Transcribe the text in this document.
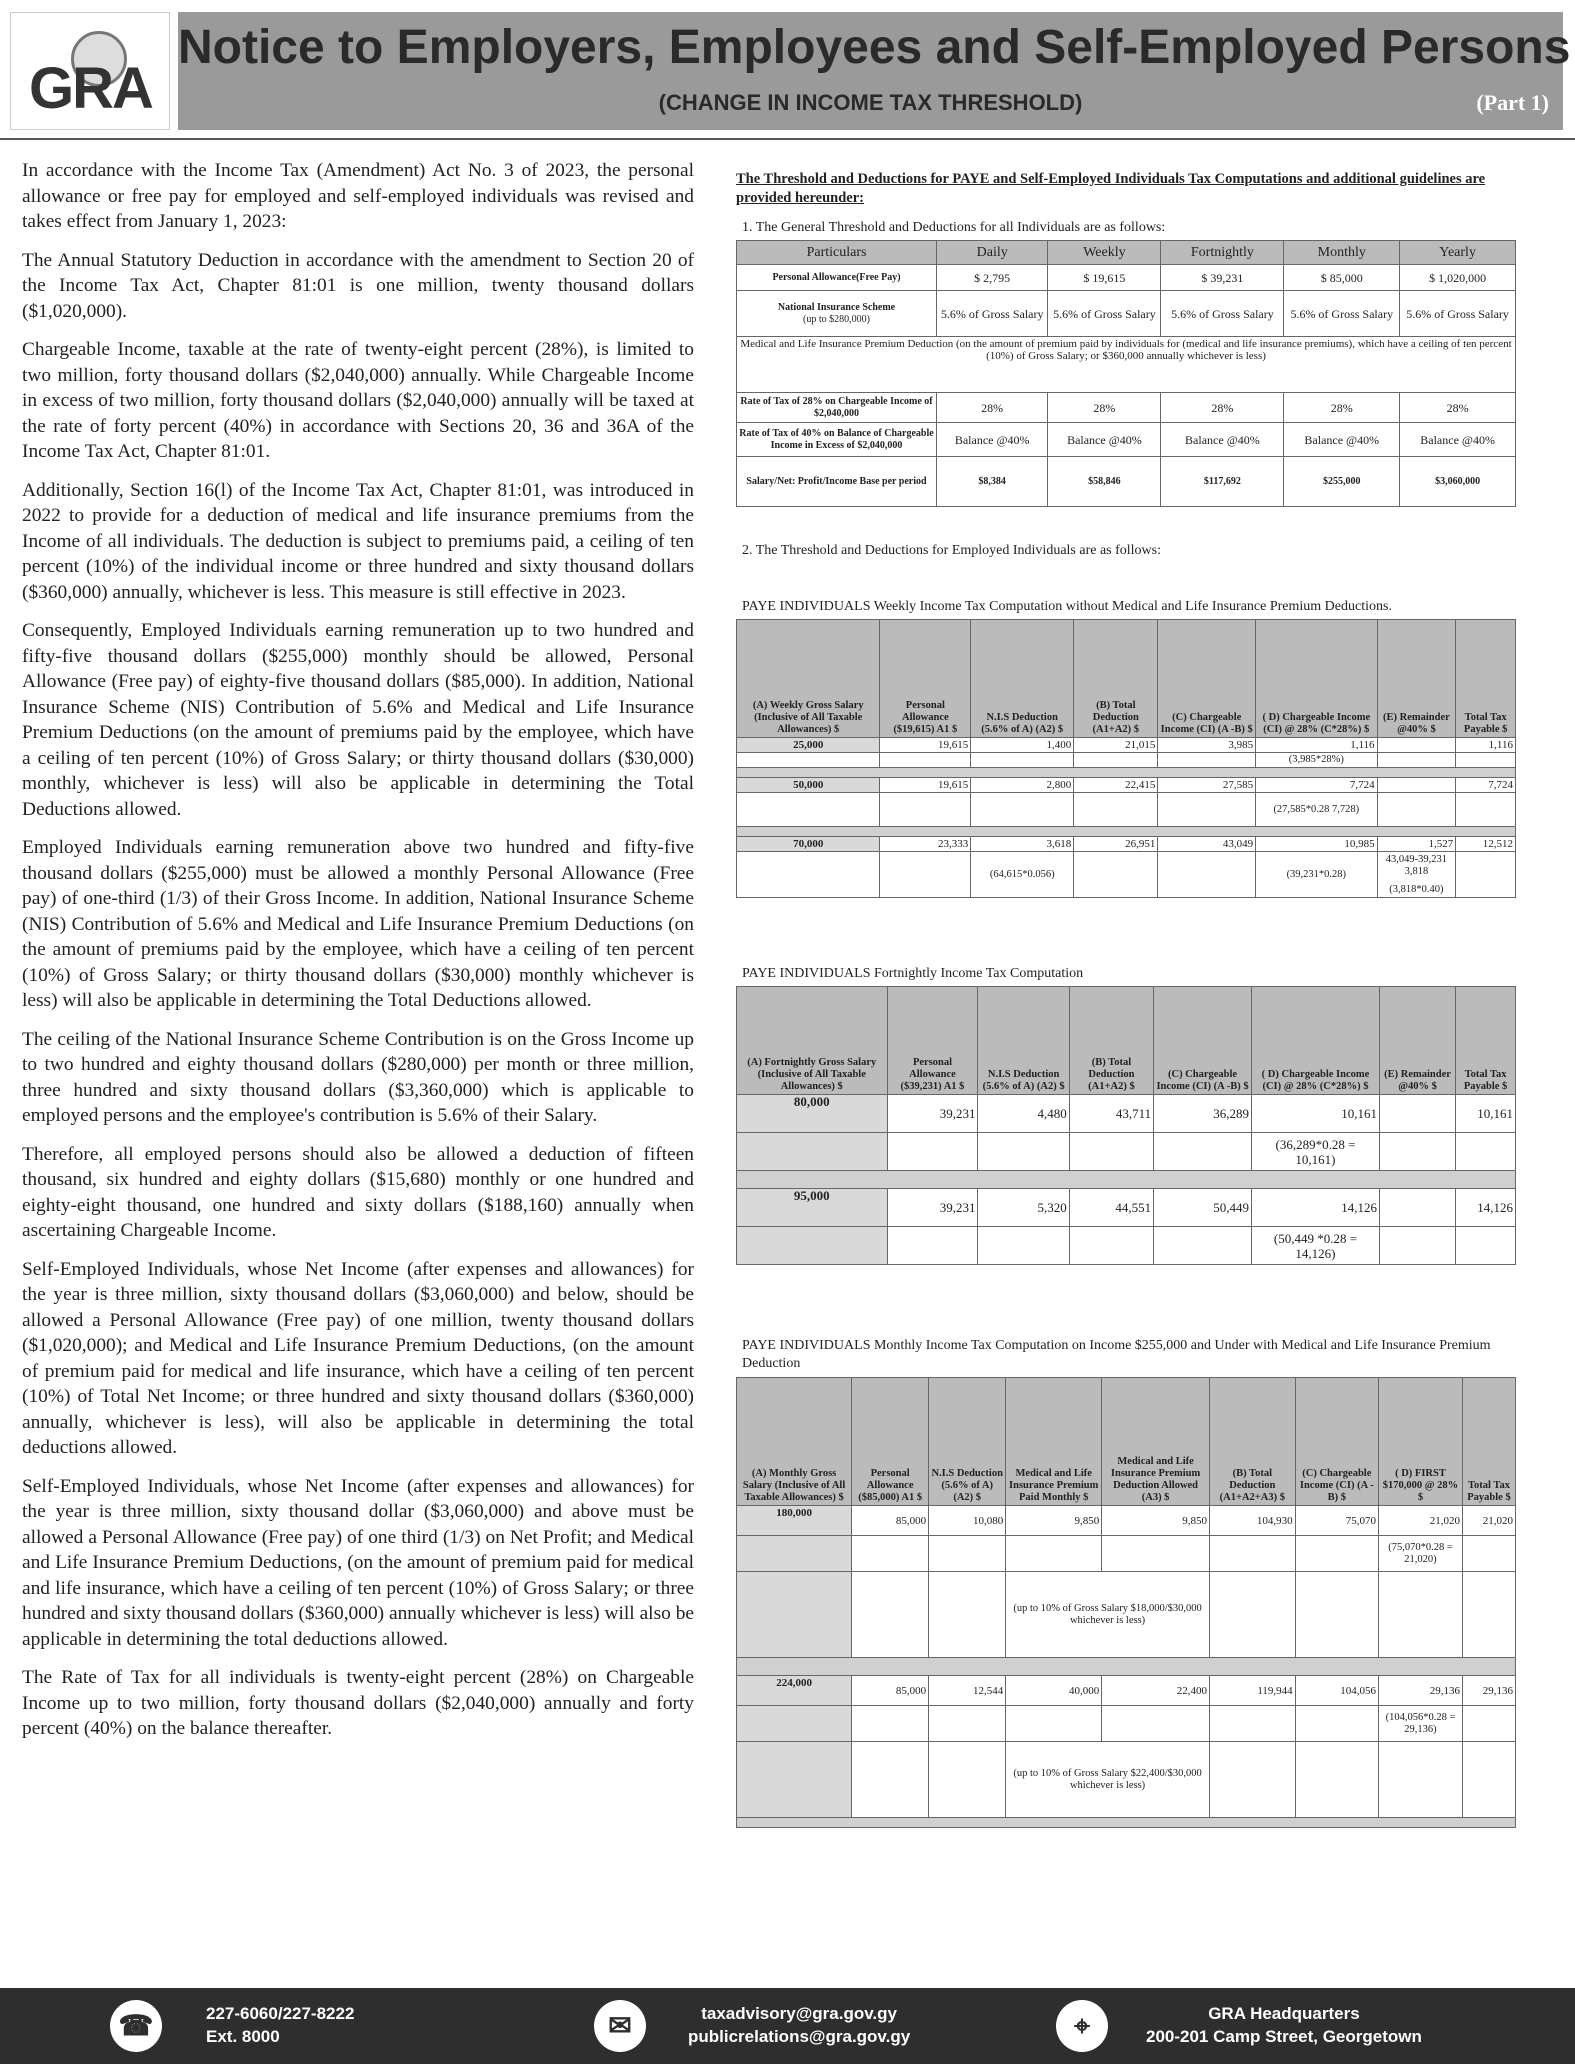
GRA
Notice to Employers, Employees and Self-Employed Persons
(CHANGE IN INCOME TAX THRESHOLD)	(Part 1)

In accordance with the Income Tax (Amendment) Act No. 3 of 2023, the personal allowance or free pay for employed and self-employed individuals was revised and takes effect from January 1, 2023:

The Annual Statutory Deduction in accordance with the amendment to Section 20 of the Income Tax Act, Chapter 81:01 is one million, twenty thousand dollars ($1,020,000).

Chargeable Income, taxable at the rate of twenty-eight percent (28%), is limited to two million, forty thousand dollars ($2,040,000) annually. While Chargeable Income in excess of two million, forty thousand dollars ($2,040,000) annually will be taxed at the rate of forty percent (40%) in accordance with Sections 20, 36 and 36A of the Income Tax Act, Chapter 81:01.

Additionally, Section 16(l) of the Income Tax Act, Chapter 81:01, was introduced in 2022 to provide for a deduction of medical and life insurance premiums from the Income of all individuals. The deduction is subject to premiums paid, a ceiling of ten percent (10%) of the individual income or three hundred and sixty thousand dollars ($360,000) annually, whichever is less. This measure is still effective in 2023.

Consequently, Employed Individuals earning remuneration up to two hundred and fifty-five thousand dollars ($255,000) monthly should be allowed, Personal Allowance (Free pay) of eighty-five thousand dollars ($85,000). In addition, National Insurance Scheme (NIS) Contribution of 5.6% and Medical and Life Insurance Premium Deductions (on the amount of premiums paid by the employee, which have a ceiling of ten percent (10%) of Gross Salary; or thirty thousand dollars ($30,000) monthly, whichever is less) will also be applicable in determining the Total Deductions allowed.

Employed Individuals earning remuneration above two hundred and fifty-five thousand dollars ($255,000) must be allowed a monthly Personal Allowance (Free pay) of one-third (1/3) of their Gross Income. In addition, National Insurance Scheme (NIS) Contribution of 5.6% and Medical and Life Insurance Premium Deductions (on the amount of premiums paid by the employee, which have a ceiling of ten percent (10%) of Gross Salary; or thirty thousand dollars ($30,000) monthly whichever is less) will also be applicable in determining the Total Deductions allowed.

The ceiling of the National Insurance Scheme Contribution is on the Gross Income up to two hundred and eighty thousand dollars ($280,000) per month or three million, three hundred and sixty thousand dollars ($3,360,000) which is applicable to employed persons and the employee's contribution is 5.6% of their Salary.

Therefore, all employed persons should also be allowed a deduction of fifteen thousand, six hundred and eighty dollars ($15,680) monthly or one hundred and eighty-eight thousand, one hundred and sixty dollars ($188,160) annually when ascertaining Chargeable Income.

Self-Employed Individuals, whose Net Income (after expenses and allowances) for the year is three million, sixty thousand dollars ($3,060,000) and below, should be allowed a Personal Allowance (Free pay) of one million, twenty thousand dollars ($1,020,000); and Medical and Life Insurance Premium Deductions, (on the amount of premium paid for medical and life insurance, which have a ceiling of ten percent (10%) of Total Net Income; or three hundred and sixty thousand dollars ($360,000) annually, whichever is less), will also be applicable in determining the total deductions allowed.

Self-Employed Individuals, whose Net Income (after expenses and allowances) for the year is three million, sixty thousand dollar ($3,060,000) and above must be allowed a Personal Allowance (Free pay) of one third (1/3) on Net Profit; and Medical and Life Insurance Premium Deductions, (on the amount of premium paid for medical and life insurance, which have a ceiling of ten percent (10%) of Gross Salary; or three hundred and sixty thousand dollars ($360,000) annually whichever is less) will also be applicable in determining the total deductions allowed.

The Rate of Tax for all individuals is twenty-eight percent (28%) on Chargeable Income up to two million, forty thousand dollars ($2,040,000) annually and forty percent (40%) on the balance thereafter.

The Threshold and Deductions for PAYE and Self-Employed Individuals Tax Computations and additional guidelines are provided hereunder:
1. The General Threshold and Deductions for all Individuals are as follows:
Particulars	Daily	Weekly	Fortnightly	Monthly	Yearly
Personal Allowance(Free Pay)	$ 2,795	$ 19,615	$ 39,231	$ 85,000	$ 1,020,000

National Insurance Scheme
(up to $280,000)	5.6% of Gross Salary	5.6% of Gross Salary	5.6% of Gross Salary	5.6% of Gross Salary	5.6% of Gross Salary
Medical and Life Insurance Premium Deduction (on the amount of premium paid by individuals for (medical and life insurance premiums), which have a ceiling of ten percent (10%) of Gross Salary; or $360,000 annually whichever is less)					
Rate of Tax of 28% on Chargeable Income of $2,040,000	28%	28%	28%	28%	28%
Rate of Tax of 40% on Balance of Chargeable Income in Excess of $2,040,000	Balance @40%	Balance @40%	Balance @40%	Balance @40%	Balance @40%
Salary/Net: Profit/Income Base per period	$8,384	$58,846	$117,692	$255,000	$3,060,000
2. The Threshold and Deductions for Employed Individuals are as follows:
PAYE INDIVIDUALS Weekly Income Tax Computation without Medical and Life Insurance Premium Deductions.
(A) Weekly Gross Salary (Inclusive of All Taxable Allowances) $	Personal Allowance ($19,615) A1 $	N.I.S Deduction (5.6% of A) (A2) $	(B) Total Deduction (A1+A2) $	(C) Chargeable Income (CI) (A -B) $	( D) Chargeable Income (CI) @ 28% (C*28%) $	(E) Remainder @40% $	Total Tax Payable $
25,000	19,615	1,400	21,015	3,985	1,116		1,116
					(3,985*28%)		

50,000	19,615	2,800	22,415	27,585	7,724		7,724
					(27,585*0.28 7,728)		

70,000	23,333	3,618	26,951	43,049	10,985	1,527	12,512
		(64,615*0.056)			(39,231*0.28)	43,049-39,231 3,818
(3,818*0.40)	

PAYE INDIVIDUALS Fortnightly Income Tax Computation
(A) Fortnightly Gross Salary (Inclusive of All Taxable Allowances) $	Personal Allowance ($39,231) A1 $	N.I.S Deduction (5.6% of A) (A2) $	(B) Total Deduction (A1+A2) $	(C) Chargeable Income (CI) (A -B) $	( D) Chargeable Income (CI) @ 28% (C*28%) $	(E) Remainder @40% $	Total Tax Payable $
80,000	39,231	4,480	43,711	36,289	10,161		10,161
					(36,289*0.28 = 10,161)		

95,000	39,231	5,320	44,551	50,449	14,126		14,126
					(50,449 *0.28 = 14,126)		
PAYE INDIVIDUALS Monthly Income Tax Computation on Income $255,000 and Under with Medical and Life Insurance Premium Deduction
(A) Monthly Gross Salary (Inclusive of All Taxable Allowances) $	Personal Allowance ($85,000) A1 $	N.I.S Deduction (5.6% of A) (A2) $	Medical and Life Insurance Premium Paid Monthly $	Medical and Life Insurance Premium Deduction Allowed (A3) $	(B) Total Deduction (A1+A2+A3) $	(C) Chargeable Income (CI) (A -B) $	( D) FIRST $170,000 @ 28% $	Total Tax Payable $
180,000	85,000	10,080	9,850	9,850	104,930	75,070	21,020	21,020
							(75,070*0.28 = 21,020)	
			(up to 10% of Gross Salary $18,000/$30,000 whichever is less)					

224,000	85,000	12,544	40,000	22,400	119,944	104,056	29,136	29,136
							(104,056*0.28 = 29,136)	
			(up to 10% of Gross Salary $22,400/$30,000 whichever is less)					

☎	227-6060/227-8222
Ext. 8000	✉	taxadvisory@gra.gov.gy
publicrelations@gra.gov.gy	⌖	GRA Headquarters
200-201 Camp Street, Georgetown
